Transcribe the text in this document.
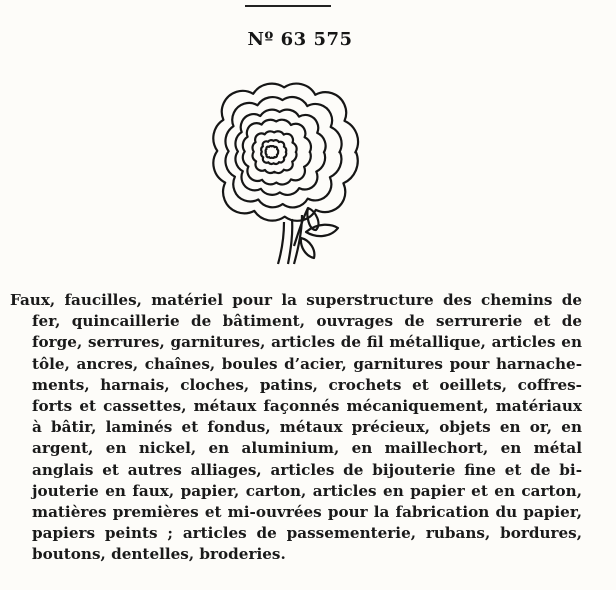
Nº 63 575

Faux, faucilles, matériel pour la superstructure des chemins de
fer, quincaillerie de bâtiment, ouvrages de serrurerie et de
forge, serrures, garnitures, articles de fil métallique, articles en
tôle, ancres, chaînes, boules d’acier, garnitures pour harnache-
ments, harnais, cloches, patins, crochets et oeillets, coffres-
forts et cassettes, métaux façonnés mécaniquement, matériaux
à bâtir, laminés et fondus, métaux précieux, objets en or, en
argent, en nickel, en aluminium, en maillechort, en métal
anglais et autres alliages, articles de bijouterie fine et de bi-
jouterie en faux, papier, carton, articles en papier et en carton,
matières premières et mi-ouvrées pour la fabrication du papier,
papiers peints ; articles de passementerie, rubans, bordures,
boutons, dentelles, broderies.
